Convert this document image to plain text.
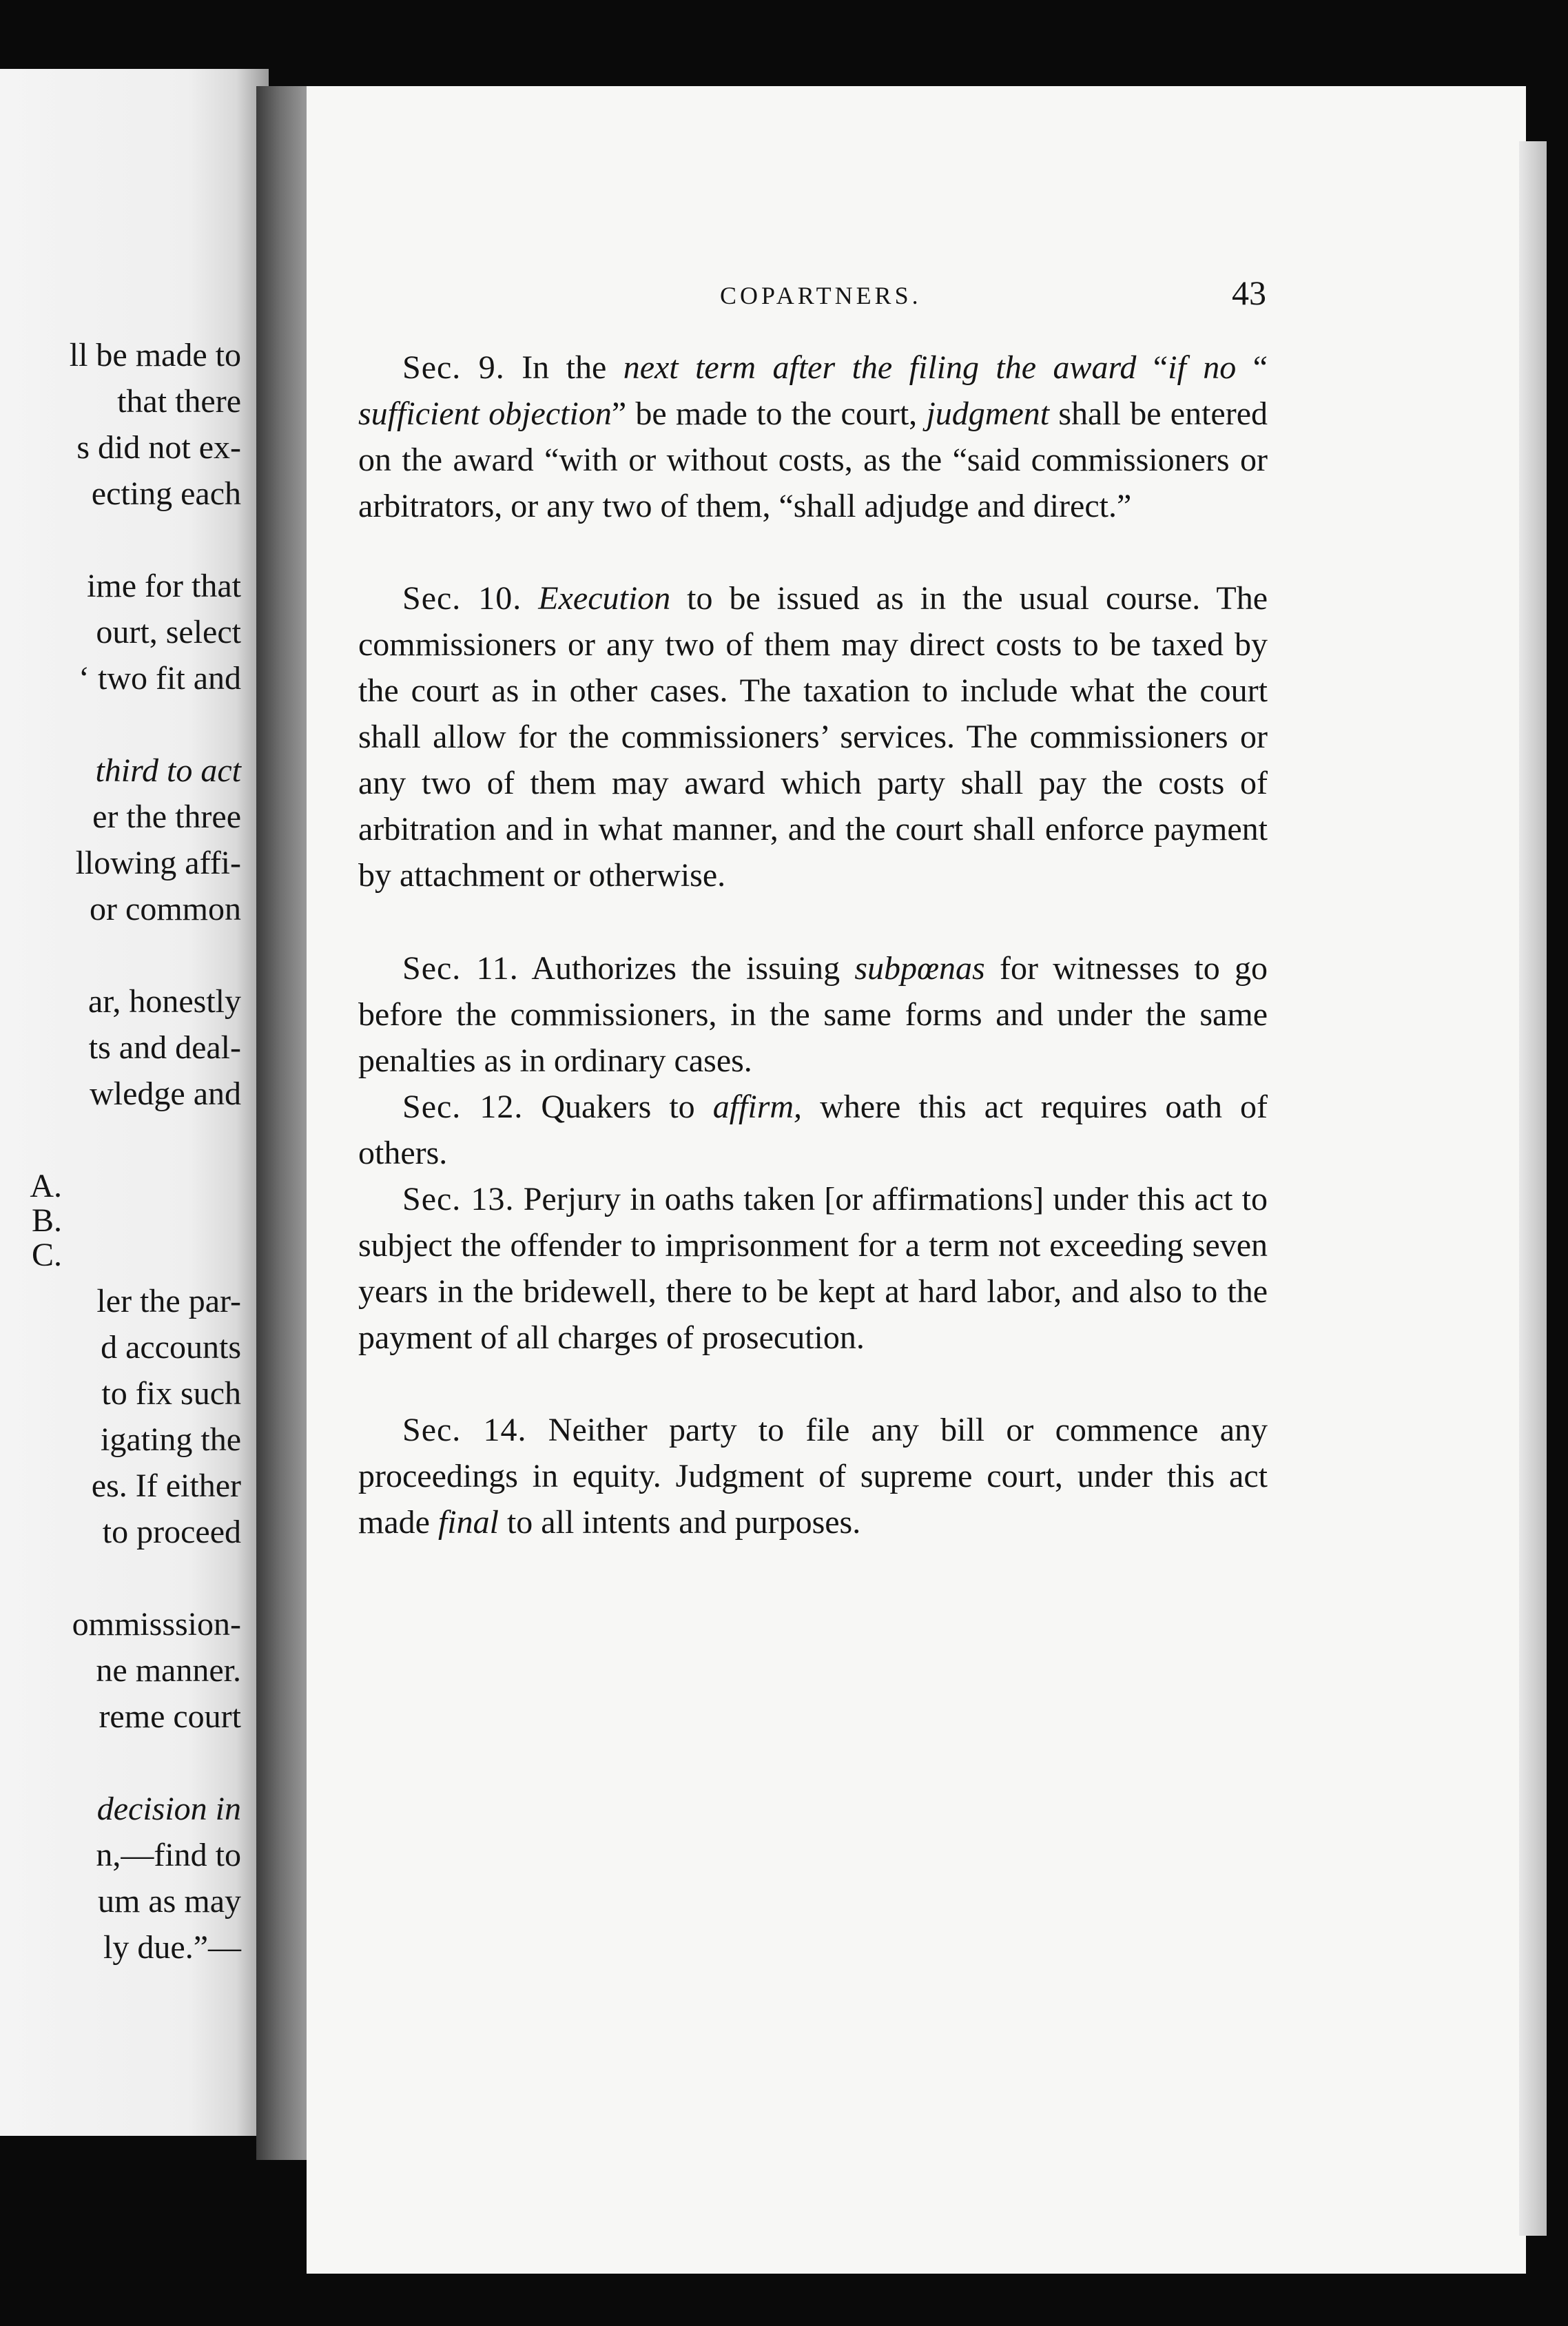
ll be made to
that there
s did not ex-
ecting each
ime for that
ourt, select
‘ two fit and
third to act
er the three
llowing affi-
or common
ar, honestly
ts and deal-
wledge and
A.
B.
C.
ler the par-
d accounts
to fix such
igating the
es. If either
to proceed
ommisssion-
ne manner.
reme court
decision in
n,—find to
um as may
ly due.”—
COPARTNERS.	43

Sec. 9. In the next term after the filing the award “if no “ sufficient objection” be made to the court, judgment shall be entered on the award “with or without costs, as the “said commissioners or arbitrators, or any two of them, “shall adjudge and direct.”

Sec. 10. Execution to be issued as in the usual course. The commissioners or any two of them may direct costs to be taxed by the court as in other cases. The taxation to include what the court shall allow for the commissioners’ services. The commissioners or any two of them may award which party shall pay the costs of arbitration and in what manner, and the court shall enforce payment by attachment or otherwise.

Sec. 11. Authorizes the issuing subpœnas for witnesses to go before the commissioners, in the same forms and under the same penalties as in ordinary cases.

Sec. 12. Quakers to affirm, where this act requires oath of others.

Sec. 13. Perjury in oaths taken [or affirmations] under this act to subject the offender to imprisonment for a term not exceeding seven years in the bridewell, there to be kept at hard labor, and also to the payment of all charges of prosecution.

Sec. 14. Neither party to file any bill or commence any proceedings in equity. Judgment of supreme court, under this act made final to all intents and purposes.
